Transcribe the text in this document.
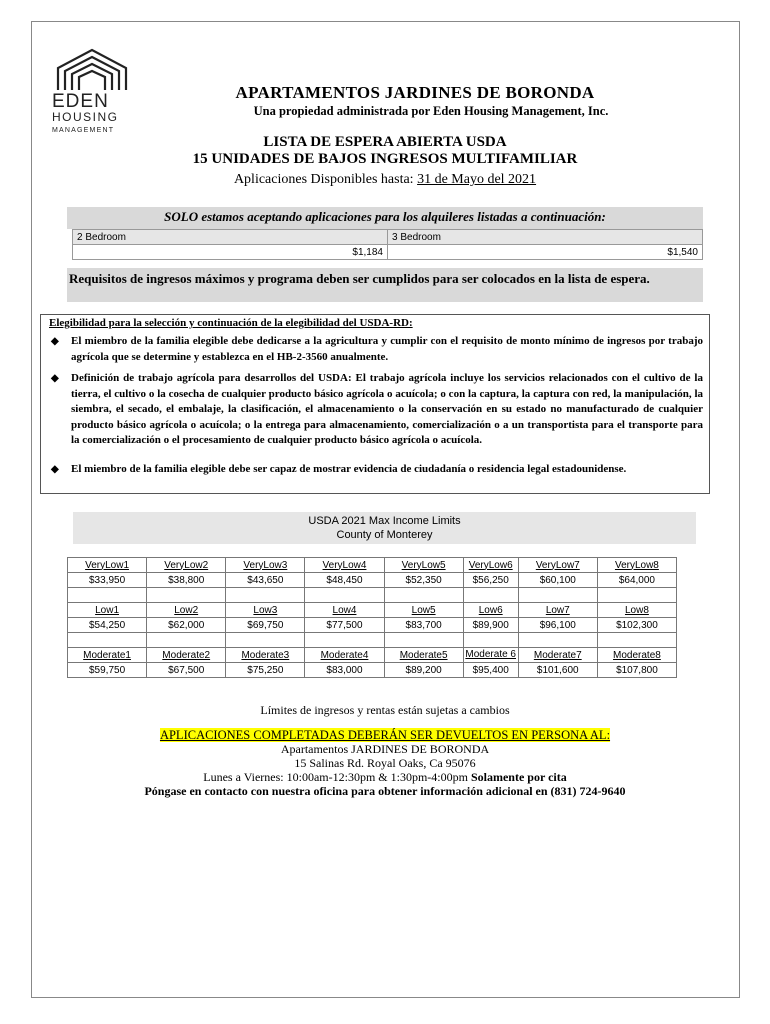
EDEN
HOUSING
MANAGEMENT
APARTAMENTOS JARDINES DE BORONDA
Una propiedad administrada por Eden Housing Management, Inc.
LISTA DE ESPERA ABIERTA USDA
15 UNIDADES DE BAJOS INGRESOS MULTIFAMILIAR
Aplicaciones Disponibles hasta: 31 de Mayo del 2021
SOLO estamos aceptando aplicaciones para los alquileres listadas a continuación:
2 Bedroom	3 Bedroom
$1,184	$1,540
Requisitos de ingresos máximos y programa deben ser cumplidos para ser colocados en la lista de espera.
Elegibilidad para la selección y continuación de la elegibilidad del USDA-RD:
◆ El miembro de la familia elegible debe dedicarse a la agricultura y cumplir con el requisito de monto mínimo de ingresos por trabajo agrícola que se determine y establezca en el HB-2-3560 anualmente.
◆ Definición de trabajo agrícola para desarrollos del USDA: El trabajo agrícola incluye los servicios relacionados con el cultivo de la tierra, el cultivo o la cosecha de cualquier producto básico agrícola o acuícola; o con la captura, la captura con red, la manipulación, la siembra, el secado, el embalaje, la clasificación, el almacenamiento o la conservación en su estado no manufacturado de cualquier producto básico agrícola o acuícola; o la entrega para almacenamiento, comercialización o a un transportista para el transporte para la comercialización o el procesamiento de cualquier producto básico agrícola o acuícola.
◆ El miembro de la familia elegible debe ser capaz de mostrar evidencia de ciudadanía o residencia legal estadounidense.
USDA 2021 Max Income Limits
County of Monterey
VeryLow1	VeryLow2	VeryLow3	VeryLow4	VeryLow5	VeryLow6	VeryLow7	VeryLow8
$33,950	$38,800	$43,650	$48,450	$52,350	$56,250	$60,100	$64,000

Low1	Low2	Low3	Low4	Low5	Low6	Low7	Low8
$54,250	$62,000	$69,750	$77,500	$83,700	$89,900	$96,100	$102,300

Moderate1	Moderate2	Moderate3	Moderate4	Moderate5	Moderate 6	Moderate7	Moderate8
$59,750	$67,500	$75,250	$83,000	$89,200	$95,400	$101,600	$107,800
Límites de ingresos y rentas están sujetas a cambios
APLICACIONES COMPLETADAS DEBERÁN SER DEVUELTOS EN PERSONA AL:
Apartamentos JARDINES DE BORONDA
15 Salinas Rd. Royal Oaks, Ca 95076
Lunes a Viernes: 10:00am-12:30pm & 1:30pm-4:00pm Solamente por cita
Póngase en contacto con nuestra oficina para obtener información adicional en (831) 724-9640
